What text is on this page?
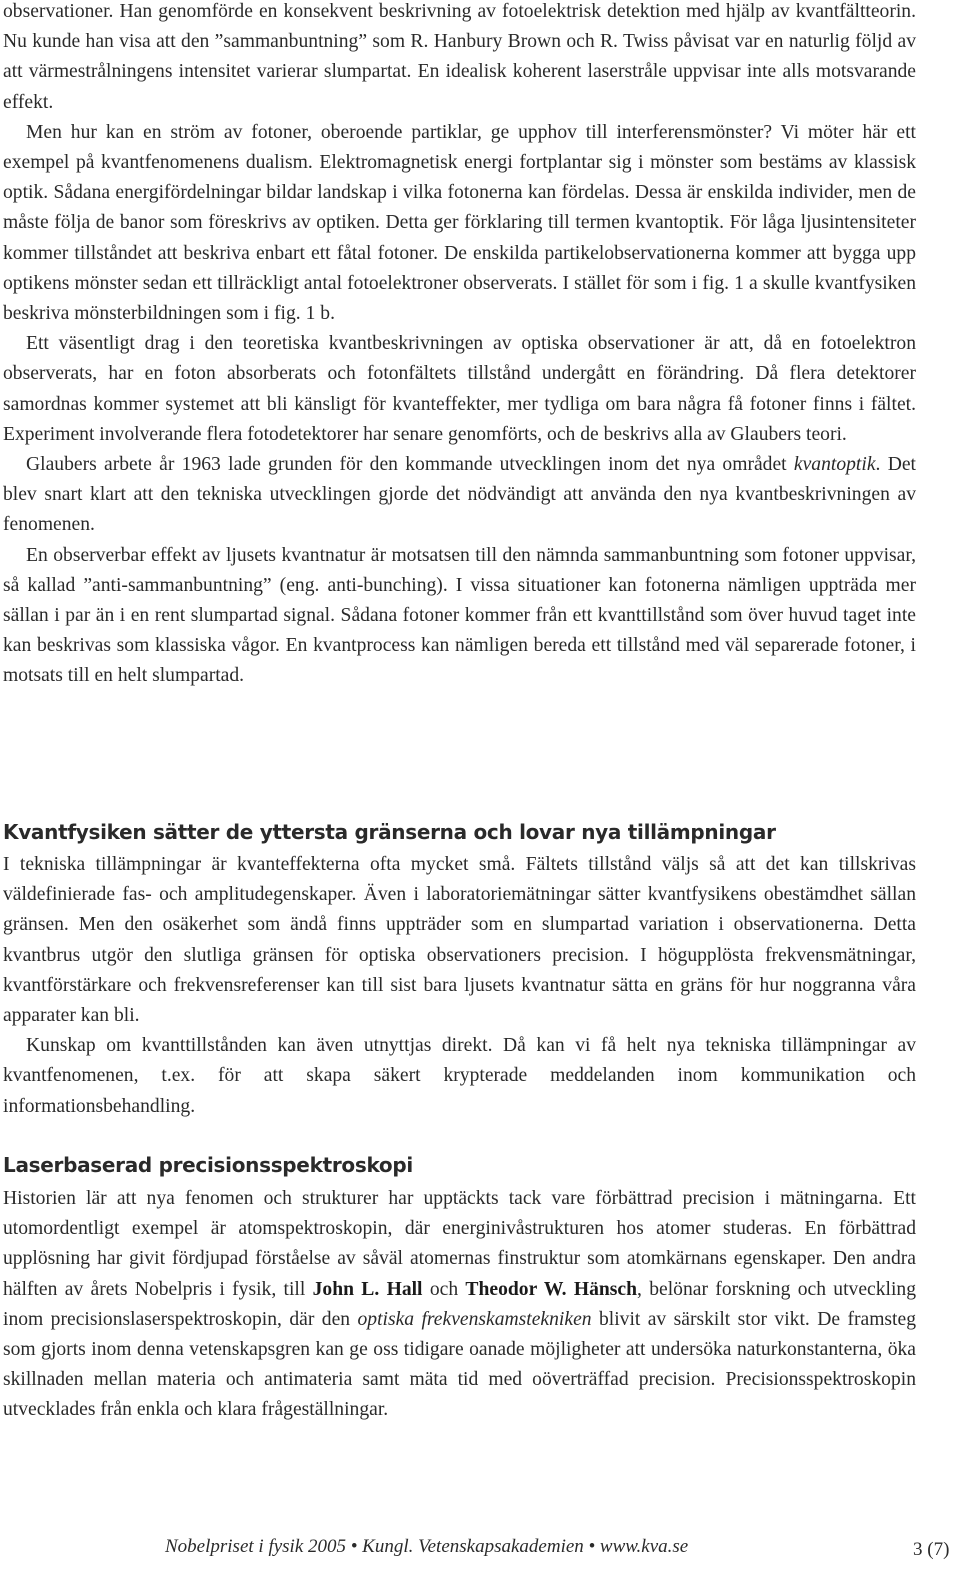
observationer. Han genomförde en konsekvent beskrivning av fotoelektrisk detektion med hjälp av kvantfältteorin. Nu kunde han visa att den ”sammanbuntning” som R. Hanbury Brown och R. Twiss påvisat var en naturlig följd av att värmestrålningens intensitet varierar slumpartat. En idealisk koherent laserstråle uppvisar inte alls motsvarande effekt.

Men hur kan en ström av fotoner, oberoende partiklar, ge upphov till interferensmönster? Vi möter här ett exempel på kvantfenomenens dualism. Elektromagnetisk energi fortplantar sig i mönster som bestäms av klassisk optik. Sådana energifördelningar bildar landskap i vilka fotonerna kan fördelas. Dessa är enskilda individer, men de måste följa de banor som föreskrivs av optiken. Detta ger förklaring till termen kvantoptik. För låga ljusintensiteter kommer tillståndet att beskriva enbart ett fåtal fotoner. De enskilda partikelobservationerna kommer att bygga upp optikens mönster sedan ett tillräckligt antal fotoelektroner observerats. I stället för som i fig. 1 a skulle kvantfysiken beskriva mönsterbildningen som i fig. 1 b.

Ett väsentligt drag i den teoretiska kvantbeskrivningen av optiska observationer är att, då en fotoelektron observerats, har en foton absorberats och fotonfältets tillstånd undergått en förändring. Då flera detektorer samordnas kommer systemet att bli känsligt för kvanteffekter, mer tydliga om bara några få fotoner finns i fältet. Experiment involverande flera fotodetektorer har senare genomförts, och de beskrivs alla av Glaubers teori.

Glaubers arbete år 1963 lade grunden för den kommande utvecklingen inom det nya området kvantoptik. Det blev snart klart att den tekniska utvecklingen gjorde det nödvändigt att använda den nya kvantbeskrivningen av fenomenen.

En observerbar effekt av ljusets kvantnatur är motsatsen till den nämnda sammanbuntning som fotoner uppvisar, så kallad ”anti-sammanbuntning” (eng. anti-bunching). I vissa situationer kan fotonerna nämligen uppträda mer sällan i par än i en rent slumpartad signal. Sådana fotoner kommer från ett kvanttillstånd som över huvud taget inte kan beskrivas som klassiska vågor. En kvantprocess kan nämligen bereda ett tillstånd med väl separerade fotoner, i motsats till en helt slumpartad.

Kvantfysiken sätter de yttersta gränserna och lovar nya tillämpningar

I tekniska tillämpningar är kvanteffekterna ofta mycket små. Fältets tillstånd väljs så att det kan tillskrivas väldefinierade fas- och amplitudegenskaper. Även i laboratoriemätningar sätter kvantfysikens obestämdhet sällan gränsen. Men den osäkerhet som ändå finns uppträder som en slumpartad variation i observationerna. Detta kvantbrus utgör den slutliga gränsen för optiska observationers precision. I högupplösta frekvensmätningar, kvantförstärkare och frekvensreferenser kan till sist bara ljusets kvantnatur sätta en gräns för hur noggranna våra apparater kan bli.

Kunskap om kvanttillstånden kan även utnyttjas direkt. Då kan vi få helt nya tekniska tillämpningar av kvantfenomenen, t.ex. för att skapa säkert krypterade meddelanden inom kommunikation och informationsbehandling.

Laserbaserad precisionsspektroskopi

Historien lär att nya fenomen och strukturer har upptäckts tack vare förbättrad precision i mätningarna. Ett utomordentligt exempel är atomspektroskopin, där energinivåstrukturen hos atomer studeras. En förbättrad upplösning har givit fördjupad förståelse av såväl atomernas finstruktur som atomkärnans egenskaper. Den andra hälften av årets Nobelpris i fysik, till John L. Hall och Theodor W. Hänsch, belönar forskning och utveckling inom precisionslaserspektroskopin, där den optiska frekvenskamstekniken blivit av särskilt stor vikt. De framsteg som gjorts inom denna vetenskapsgren kan ge oss tidigare oanade möjligheter att undersöka naturkonstanterna, öka skillnaden mellan materia och antimateria samt mäta tid med oöverträffad precision. Precisionsspektroskopin utvecklades från enkla och klara frågeställningar.

Nobelpriset i fysik 2005 • Kungl. Vetenskapsakademien • www.kva.se	3 (7)
